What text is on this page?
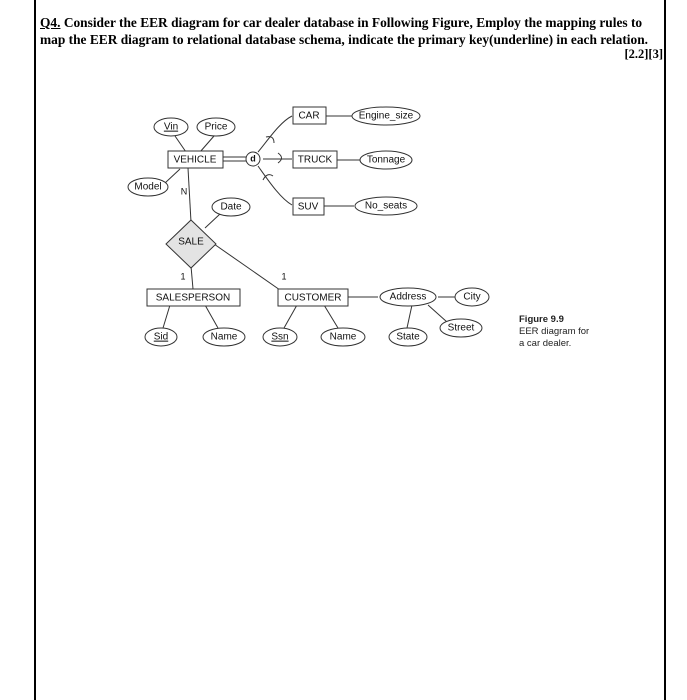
Q4. Consider the EER diagram for car dealer database in Following Figure, Employ the mapping rules to map the EER diagram to relational database schema, indicate the primary key(underline) in each relation.
[2.2][3]
Vin	Price
Model
Date
Engine_size
Tonnage
No_seats
Sid	Name	Ssn	Name
Address	City
Street
State
VEHICLE
CAR
TRUCK
SUV
SALESPERSON	CUSTOMER
SALE
d
N
1	1
Figure 9.9
EER diagram for
a car dealer.
